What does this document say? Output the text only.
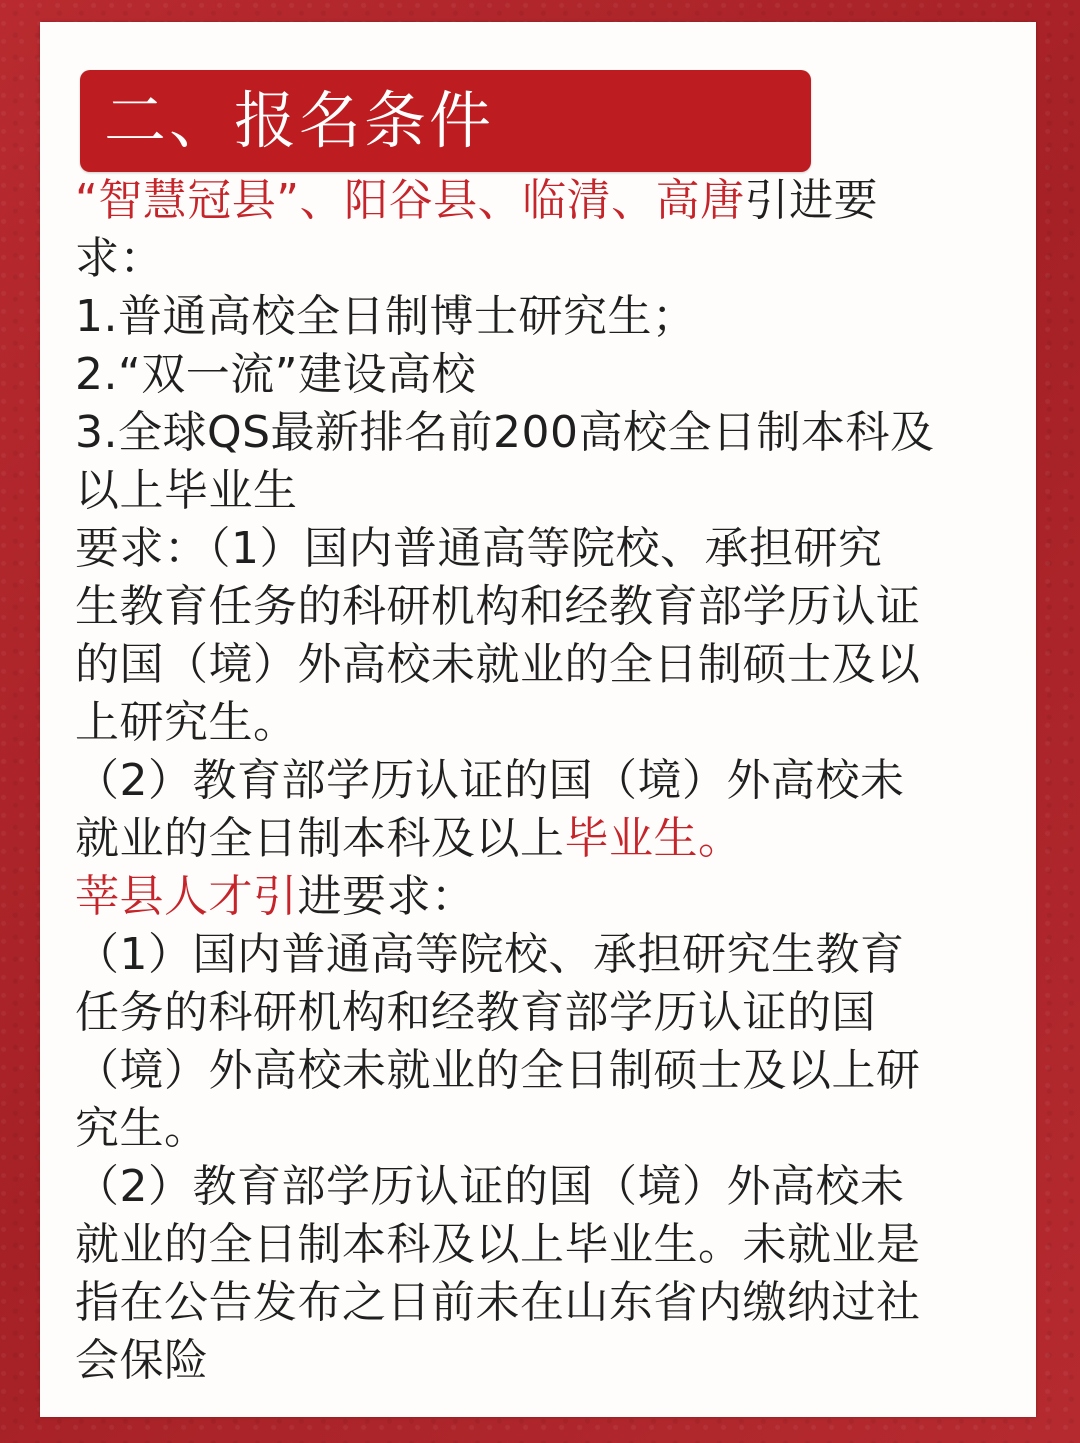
二、报名条件
“智慧冠县”、阳谷县、临清、高唐引进要
求：
1.普通高校全日制博士研究生；
2.“双一流”建设高校
3.全球QS最新排名前200高校全日制本科及
以上毕业生
要求：（1）国内普通高等院校、承担研究
生教育任务的科研机构和经教育部学历认证
的国（境）外高校未就业的全日制硕士及以
上研究生。
（2）教育部学历认证的国（境）外高校未
就业的全日制本科及以上毕业生。
莘县人才引进要求：
（1）国内普通高等院校、承担研究生教育
任务的科研机构和经教育部学历认证的国
（境）外高校未就业的全日制硕士及以上研
究生。
（2）教育部学历认证的国（境）外高校未
就业的全日制本科及以上毕业生。未就业是
指在公告发布之日前未在山东省内缴纳过社
会保险
